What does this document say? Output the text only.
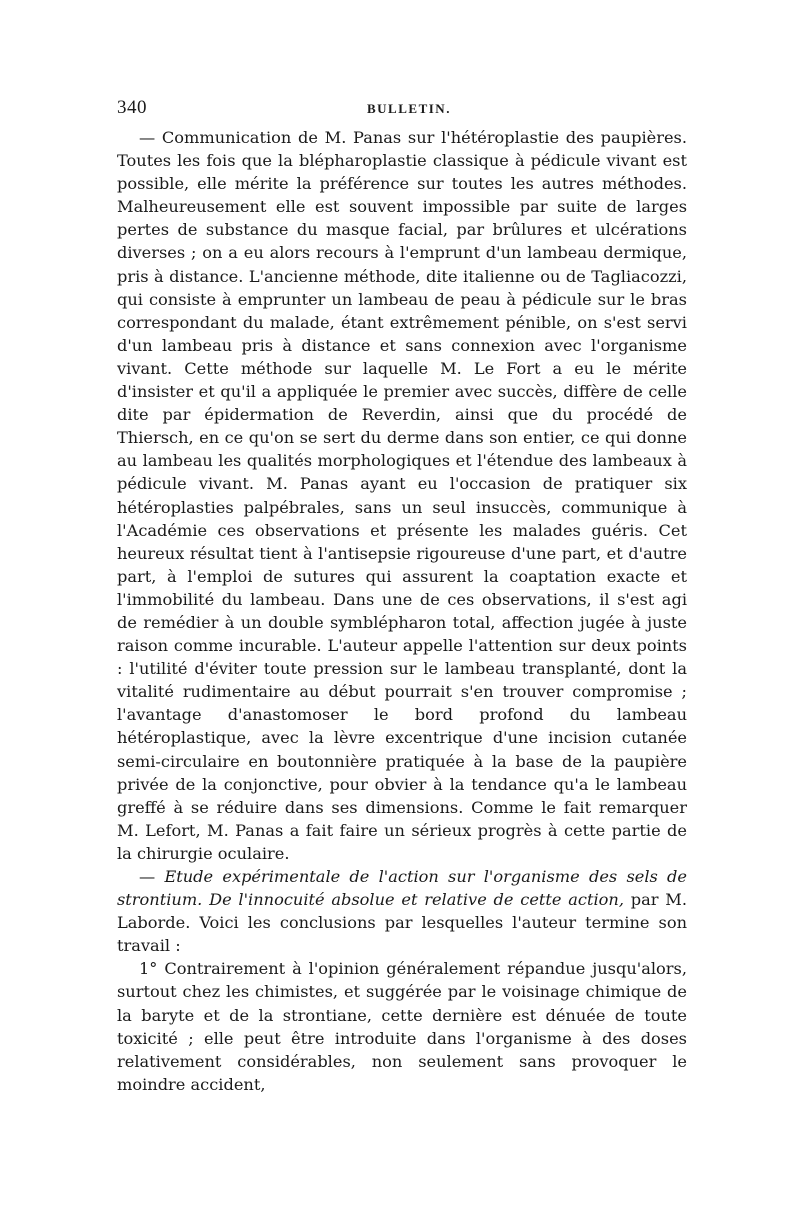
340	BULLETIN.

— Communication de M. Panas sur l'hétéroplastie des paupières. Toutes les fois que la blépharoplastie classique à pédicule vivant est possible, elle mérite la préférence sur toutes les autres méthodes. Malheureusement elle est souvent impossible par suite de larges pertes de substance du masque facial, par brûlures et ulcérations diverses ; on a eu alors recours à l'emprunt d'un lambeau dermique, pris à distance. L'ancienne méthode, dite italienne ou de Tagliacozzi, qui consiste à emprunter un lambeau de peau à pédicule sur le bras correspondant du malade, étant extrêmement pénible, on s'est servi d'un lambeau pris à distance et sans connexion avec l'organisme vivant. Cette méthode sur laquelle M. Le Fort a eu le mérite d'insister et qu'il a appliquée le premier avec succès, diffère de celle dite par épidermation de Reverdin, ainsi que du procédé de Thiersch, en ce qu'on se sert du derme dans son entier, ce qui donne au lambeau les qualités morphologiques et l'étendue des lambeaux à pédicule vivant. M. Panas ayant eu l'occasion de pratiquer six hétéroplasties palpébrales, sans un seul insuccès, communique à l'Académie ces observations et présente les malades guéris. Cet heureux résultat tient à l'antisepsie rigoureuse d'une part, et d'autre part, à l'emploi de sutures qui assurent la coaptation exacte et l'immobilité du lambeau. Dans une de ces observations, il s'est agi de remédier à un double symblépharon total, affection jugée à juste raison comme incurable. L'auteur appelle l'attention sur deux points : l'utilité d'éviter toute pression sur le lambeau transplanté, dont la vitalité rudimentaire au début pourrait s'en trouver compromise ; l'avantage d'anastomoser le bord profond du lambeau hétéroplastique, avec la lèvre excentrique d'une incision cutanée semi-circulaire en boutonnière pratiquée à la base de la paupière privée de la conjonctive, pour obvier à la tendance qu'a le lambeau greffé à se réduire dans ses dimensions. Comme le fait remarquer M. Lefort, M. Panas a fait faire un sérieux progrès à cette partie de la chirurgie oculaire.

— Etude expérimentale de l'action sur l'organisme des sels de strontium. De l'innocuité absolue et relative de cette action, par M. Laborde. Voici les conclusions par lesquelles l'auteur termine son travail :

1° Contrairement à l'opinion généralement répandue jusqu'alors, surtout chez les chimistes, et suggérée par le voisinage chimique de la baryte et de la strontiane, cette dernière est dénuée de toute toxicité ; elle peut être introduite dans l'organisme à des doses relativement considérables, non seulement sans provoquer le moindre accident,
